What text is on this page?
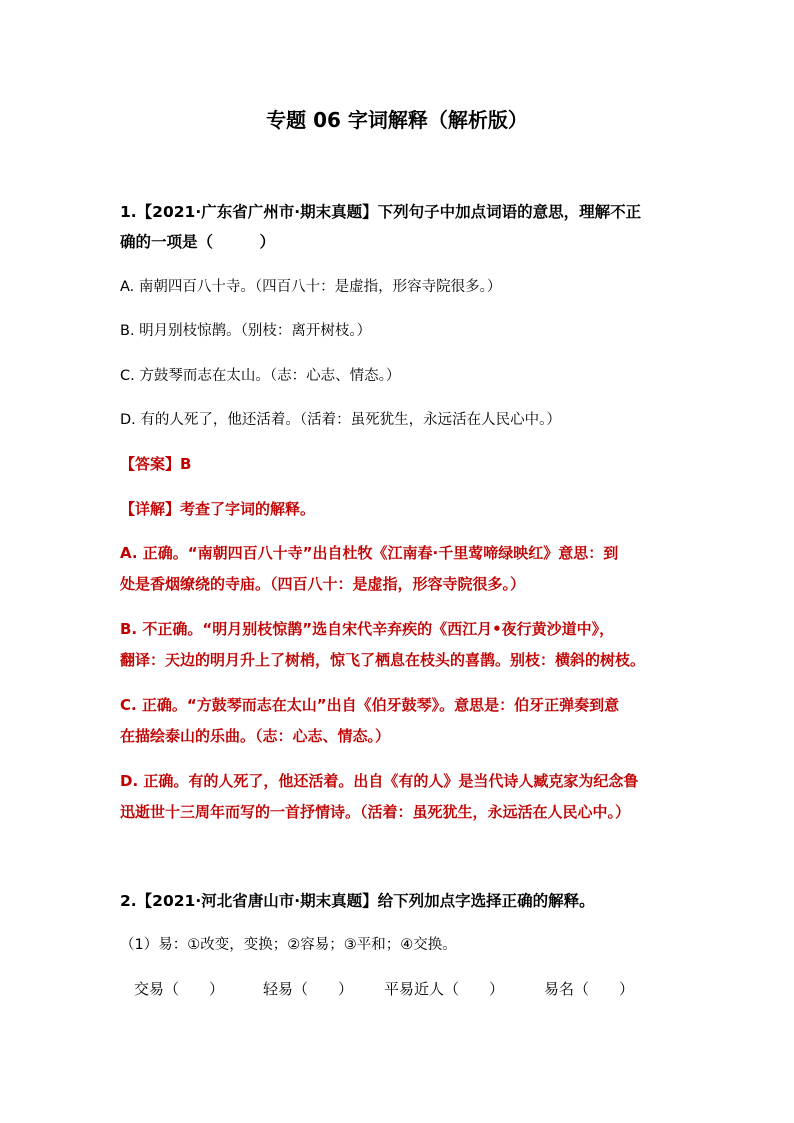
专题 06 字词解释（解析版）
1.【2021·广东省广州市·期末真题】下列句子中加点词语的意思，理解不正
确的一项是（　　　）
A. 南朝四百八十寺。（四百八十：是虚指，形容寺院很多。）
B. 明月别枝惊鹊。（别枝：离开树枝。）
C. 方鼓琴而志在太山。（志：心志、情态。）
D. 有的人死了，他还活着。（活着：虽死犹生，永远活在人民心中。）
【答案】B
【详解】考查了字词的解释。
A. 正确。“南朝四百八十寺”出自杜牧《江南春·千里莺啼绿映红》意思：到
处是香烟缭绕的寺庙。（四百八十：是虚指，形容寺院很多。）
B. 不正确。“明月别枝惊鹊”选自宋代辛弃疾的《西江月•夜行黄沙道中》，
翻译：天边的明月升上了树梢，惊飞了栖息在枝头的喜鹊。别枝：横斜的树枝。
C. 正确。“方鼓琴而志在太山”出自《伯牙鼓琴》。意思是：伯牙正弹奏到意
在描绘泰山的乐曲。（志：心志、情态。）
D. 正确。有的人死了，他还活着。出自《有的人》是当代诗人臧克家为纪念鲁
迅逝世十三周年而写的一首抒情诗。（活着：虽死犹生，永远活在人民心中。）
2.【2021·河北省唐山市·期末真题】给下列加点字选择正确的解释。
（1）易：①改变，变换；②容易；③平和；④交换。
交易（　　）	轻易（　　） 平易近人（　　）	易名（　　）
